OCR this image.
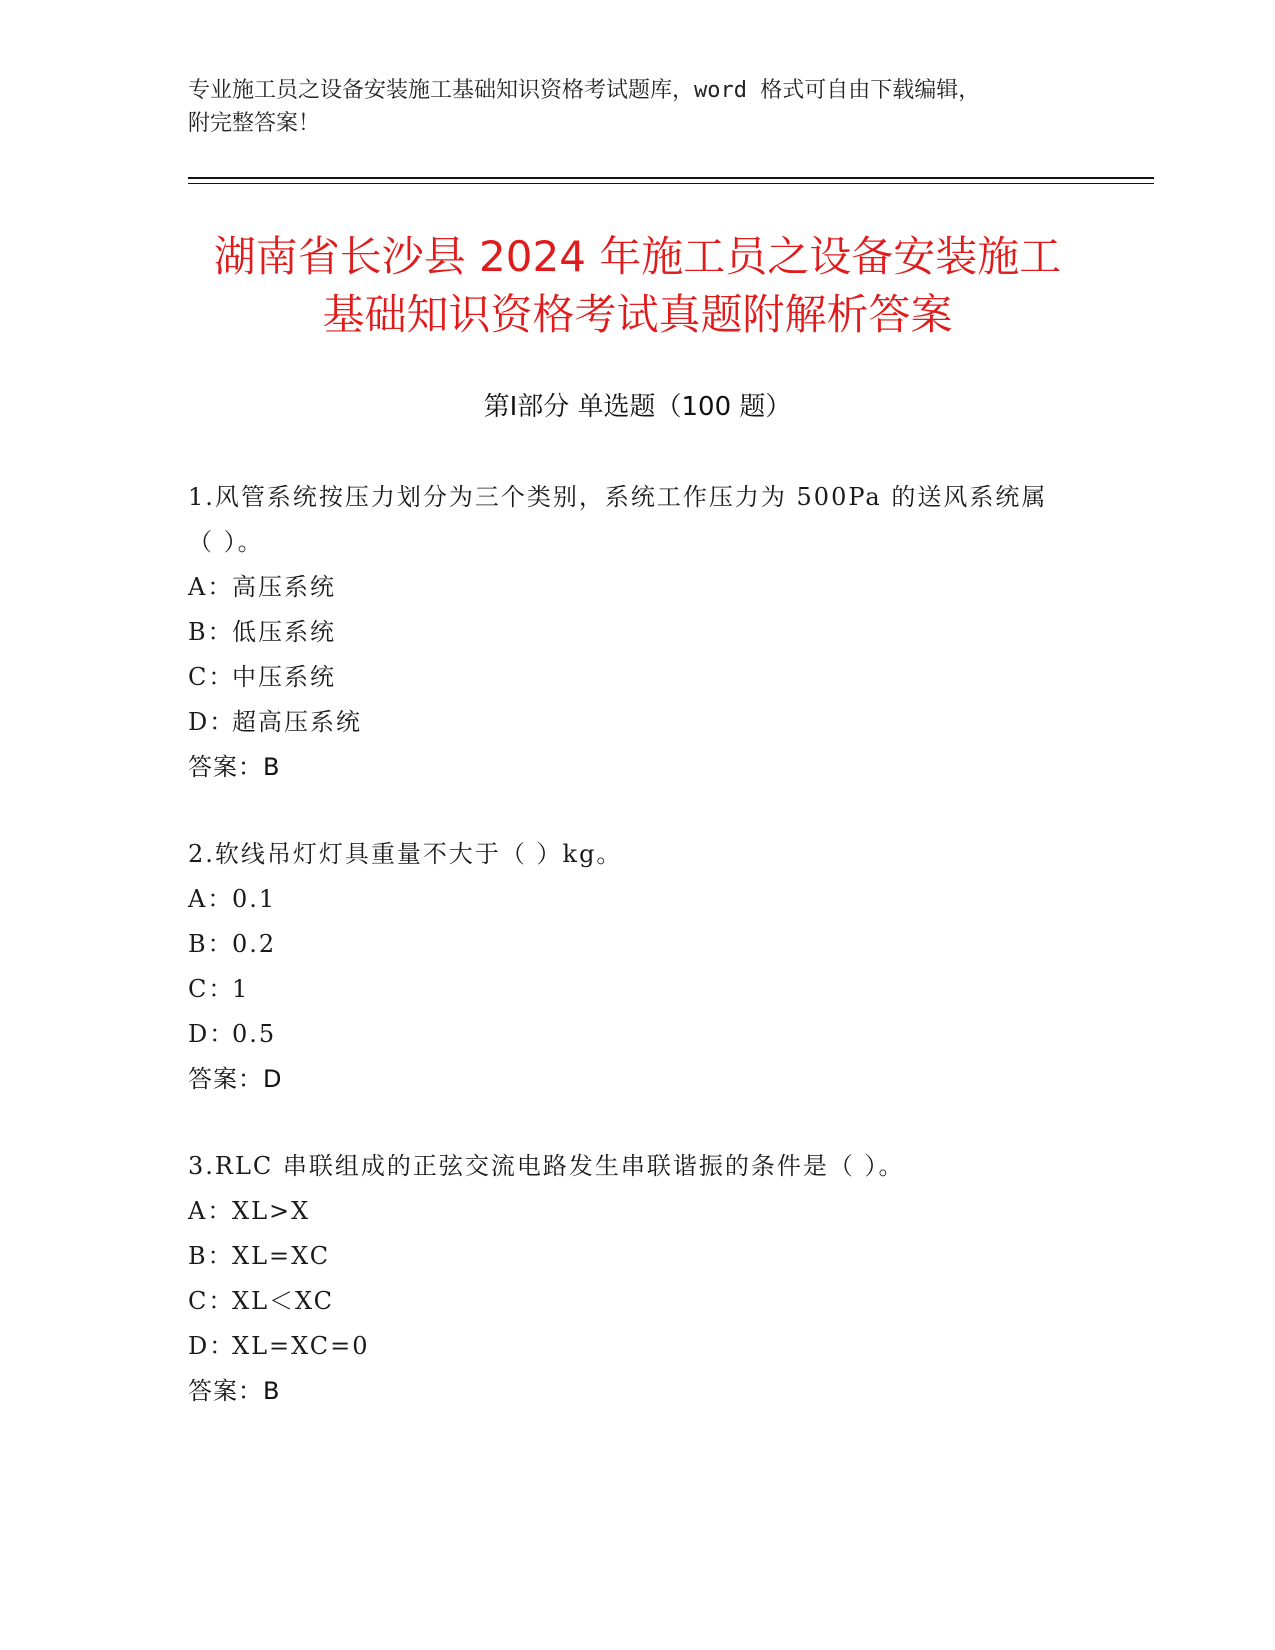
专业施工员之设备安装施工基础知识资格考试题库，word 格式可自由下载编辑，
附完整答案！
湖南省长沙县 2024 年施工员之设备安装施工
基础知识资格考试真题附解析答案
第Ⅰ部分 单选题（100 题）
1.风管系统按压力划分为三个类别，系统工作压力为 500Pa 的送风系统属（ ）。
A：
高压系统
B：
低压系统
C：
中压系统
D：
超高压系统
答案：B
2.软线吊灯灯具重量不大于（ ）kg。
A：
0.1
B：
0.2
C：
1
D：
0.5
答案：D
3.RLC 串联组成的正弦交流电路发生串联谐振的条件是（ ）。
A：
XL>X
B：
XL=XC
C：
XL＜XC
D：
XL=XC=0
答案：B
